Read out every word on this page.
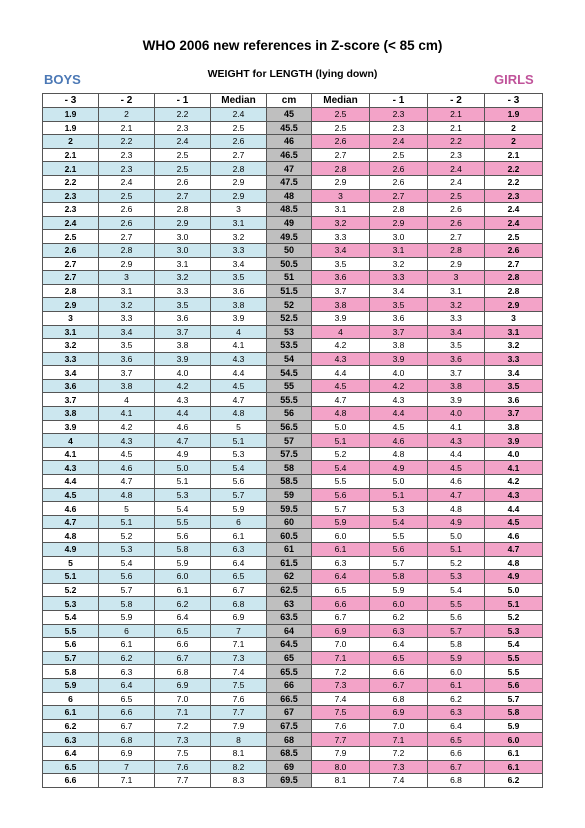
WHO 2006 new references in Z-score (< 85 cm)
WEIGHT for LENGTH (lying down)
BOYS	GIRLS
- 3	- 2	- 1	Median	cm	Median	- 1	- 2	- 3
1.9	2	2.2	2.4	45	2.5	2.3	2.1	1.9
1.9	2.1	2.3	2.5	45.5	2.5	2.3	2.1	2
2	2.2	2.4	2.6	46	2.6	2.4	2.2	2
2.1	2.3	2.5	2.7	46.5	2.7	2.5	2.3	2.1
2.1	2.3	2.5	2.8	47	2.8	2.6	2.4	2.2
2.2	2.4	2.6	2.9	47.5	2.9	2.6	2.4	2.2
2.3	2.5	2.7	2.9	48	3	2.7	2.5	2.3
2.3	2.6	2.8	3	48.5	3.1	2.8	2.6	2.4
2.4	2.6	2.9	3.1	49	3.2	2.9	2.6	2.4
2.5	2.7	3.0	3.2	49.5	3.3	3.0	2.7	2.5
2.6	2.8	3.0	3.3	50	3.4	3.1	2.8	2.6
2.7	2.9	3.1	3.4	50.5	3.5	3.2	2.9	2.7
2.7	3	3.2	3.5	51	3.6	3.3	3	2.8
2.8	3.1	3.3	3.6	51.5	3.7	3.4	3.1	2.8
2.9	3.2	3.5	3.8	52	3.8	3.5	3.2	2.9
3	3.3	3.6	3.9	52.5	3.9	3.6	3.3	3
3.1	3.4	3.7	4	53	4	3.7	3.4	3.1
3.2	3.5	3.8	4.1	53.5	4.2	3.8	3.5	3.2
3.3	3.6	3.9	4.3	54	4.3	3.9	3.6	3.3
3.4	3.7	4.0	4.4	54.5	4.4	4.0	3.7	3.4
3.6	3.8	4.2	4.5	55	4.5	4.2	3.8	3.5
3.7	4	4.3	4.7	55.5	4.7	4.3	3.9	3.6
3.8	4.1	4.4	4.8	56	4.8	4.4	4.0	3.7
3.9	4.2	4.6	5	56.5	5.0	4.5	4.1	3.8
4	4.3	4.7	5.1	57	5.1	4.6	4.3	3.9
4.1	4.5	4.9	5.3	57.5	5.2	4.8	4.4	4.0
4.3	4.6	5.0	5.4	58	5.4	4.9	4.5	4.1
4.4	4.7	5.1	5.6	58.5	5.5	5.0	4.6	4.2
4.5	4.8	5.3	5.7	59	5.6	5.1	4.7	4.3
4.6	5	5.4	5.9	59.5	5.7	5.3	4.8	4.4
4.7	5.1	5.5	6	60	5.9	5.4	4.9	4.5
4.8	5.2	5.6	6.1	60.5	6.0	5.5	5.0	4.6
4.9	5.3	5.8	6.3	61	6.1	5.6	5.1	4.7
5	5.4	5.9	6.4	61.5	6.3	5.7	5.2	4.8
5.1	5.6	6.0	6.5	62	6.4	5.8	5.3	4.9
5.2	5.7	6.1	6.7	62.5	6.5	5.9	5.4	5.0
5.3	5.8	6.2	6.8	63	6.6	6.0	5.5	5.1
5.4	5.9	6.4	6.9	63.5	6.7	6.2	5.6	5.2
5.5	6	6.5	7	64	6.9	6.3	5.7	5.3
5.6	6.1	6.6	7.1	64.5	7.0	6.4	5.8	5.4
5.7	6.2	6.7	7.3	65	7.1	6.5	5.9	5.5
5.8	6.3	6.8	7.4	65.5	7.2	6.6	6.0	5.5
5.9	6.4	6.9	7.5	66	7.3	6.7	6.1	5.6
6	6.5	7.0	7.6	66.5	7.4	6.8	6.2	5.7
6.1	6.6	7.1	7.7	67	7.5	6.9	6.3	5.8
6.2	6.7	7.2	7.9	67.5	7.6	7.0	6.4	5.9
6.3	6.8	7.3	8	68	7.7	7.1	6.5	6.0
6.4	6.9	7.5	8.1	68.5	7.9	7.2	6.6	6.1
6.5	7	7.6	8.2	69	8.0	7.3	6.7	6.1
6.6	7.1	7.7	8.3	69.5	8.1	7.4	6.8	6.2
